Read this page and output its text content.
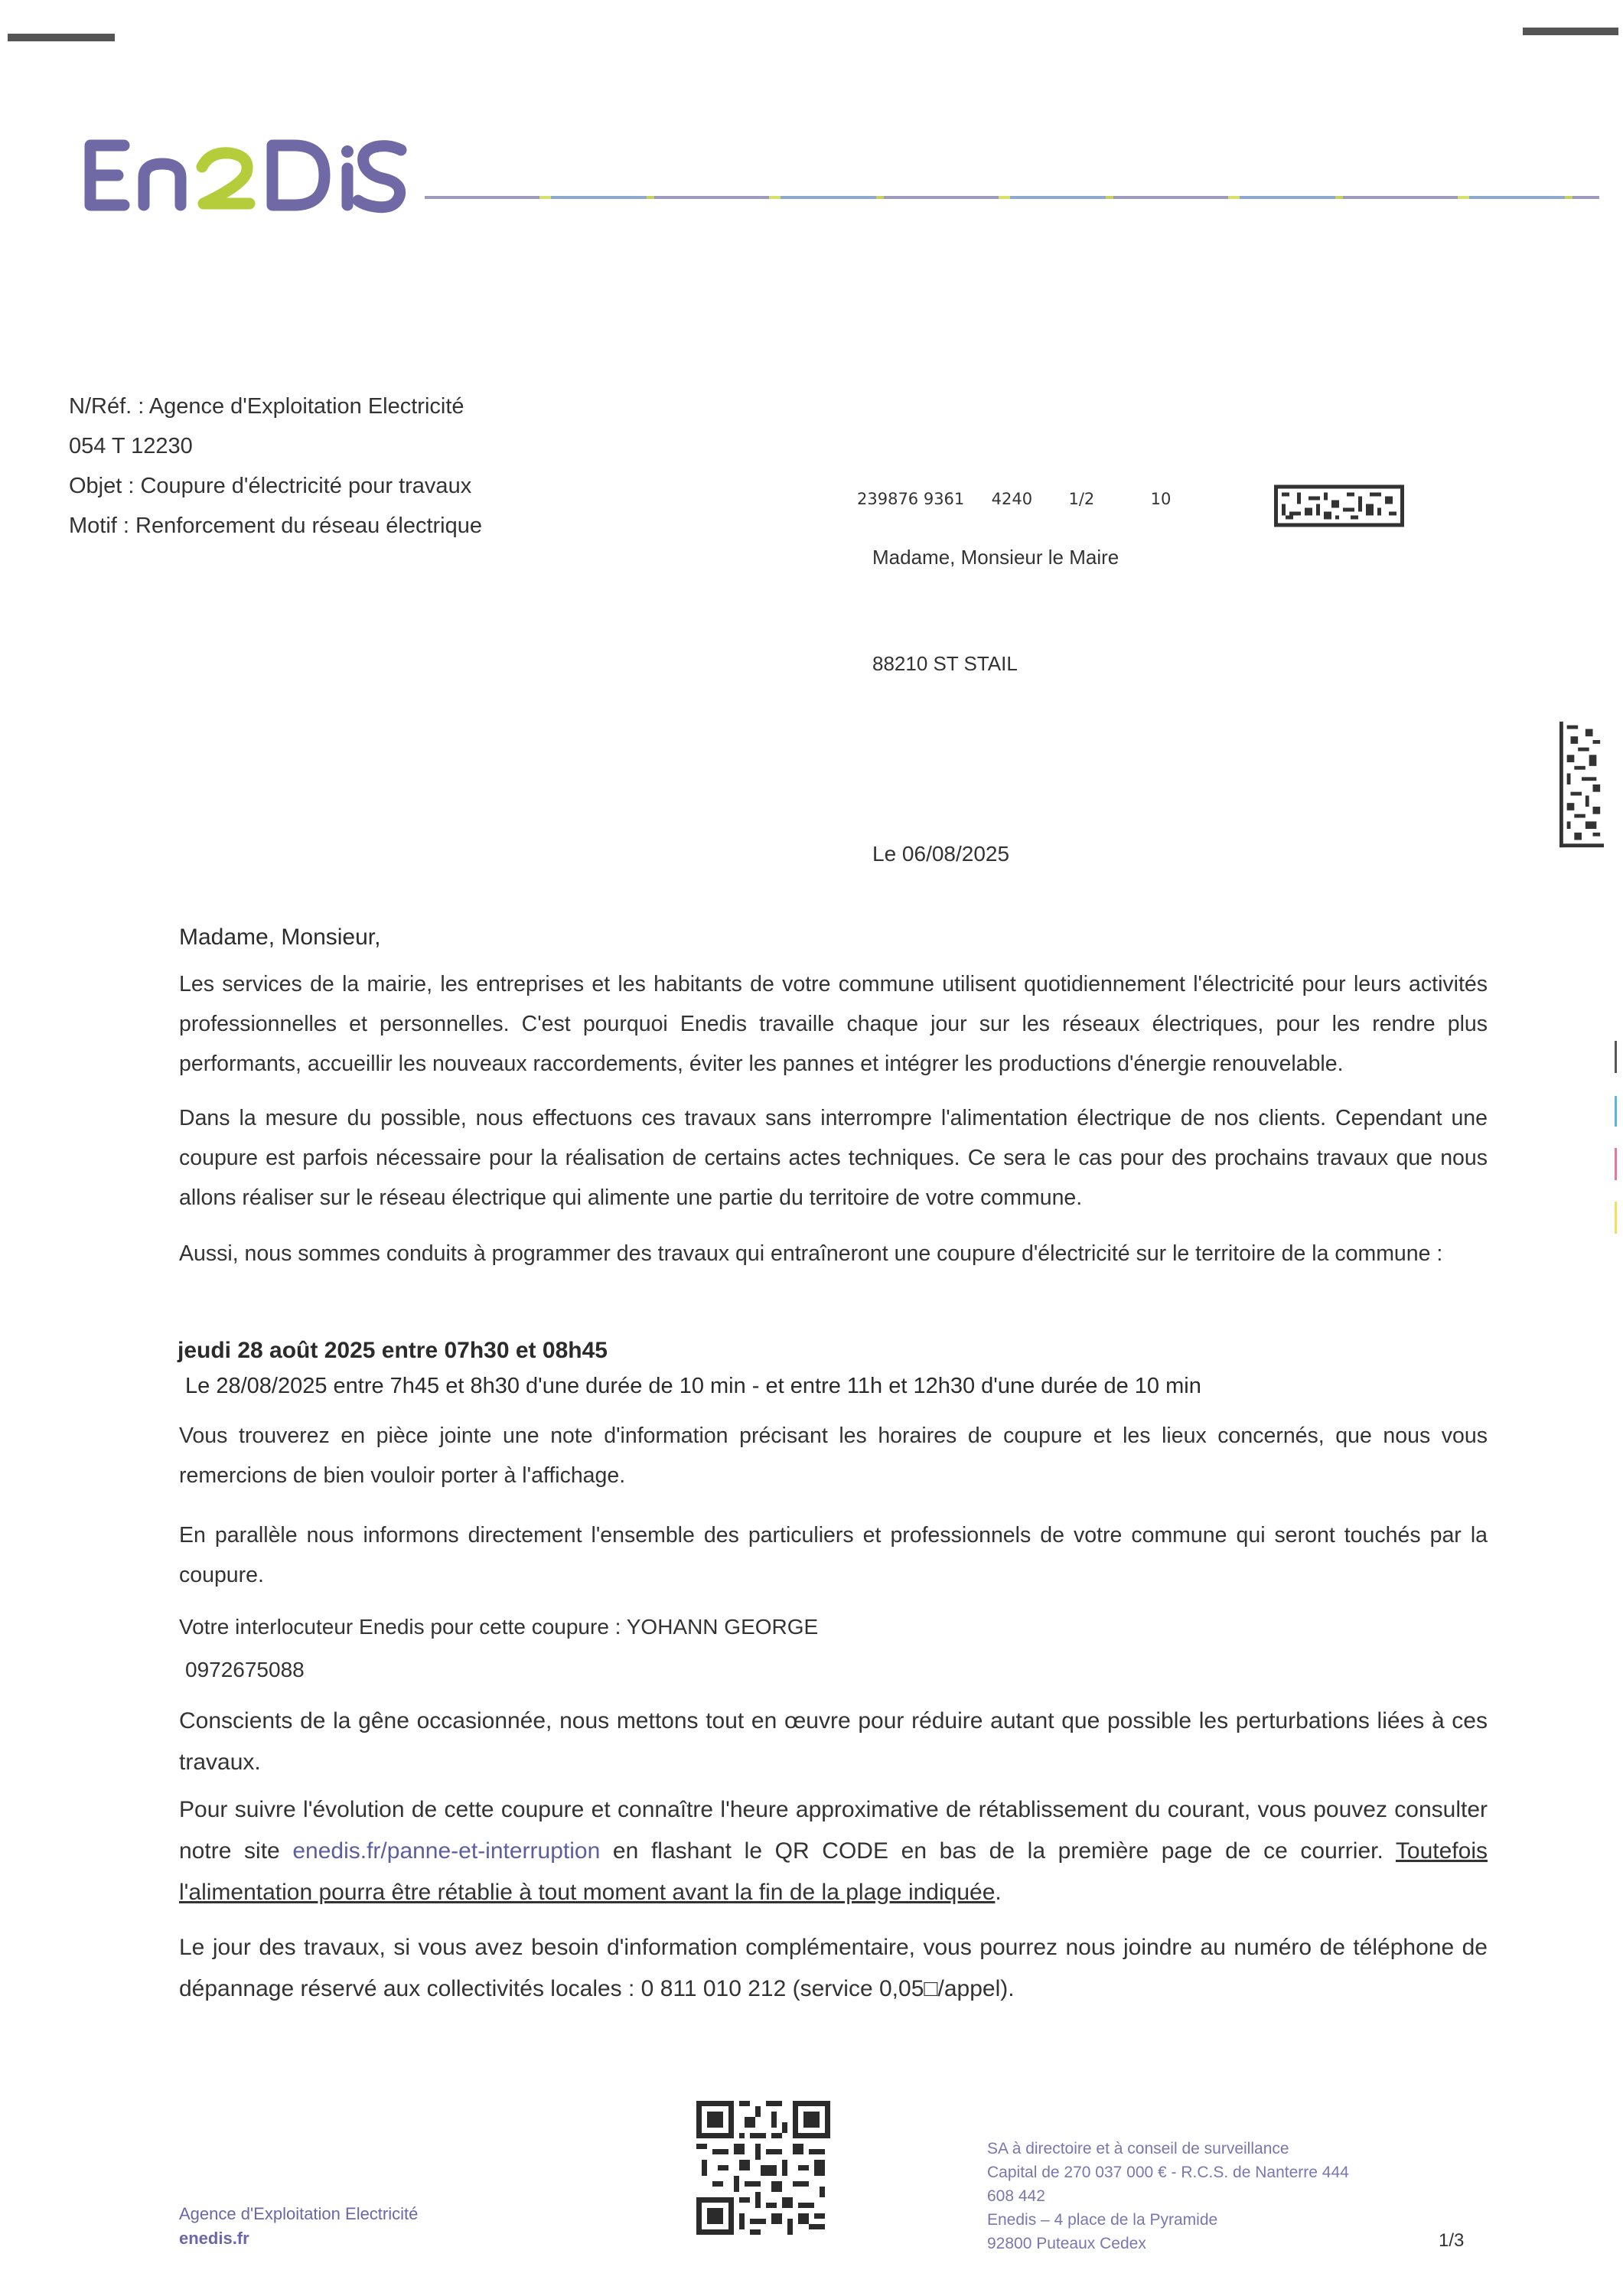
N/Réf. : Agence d'Exploitation Electricité
054 T 12230
Objet : Coupure d'électricité pour travaux
Motif : Renforcement du réseau électrique
239876 9361 4240 1/2	10
Madame, Monsieur le Maire
88210 ST STAIL
Le 06/08/2025
Madame, Monsieur,
Les services de la mairie, les entreprises et les habitants de votre commune utilisent quotidiennement l'électricité pour leurs activités professionnelles et personnelles. C'est pourquoi Enedis travaille chaque jour sur les réseaux électriques, pour les rendre plus performants, accueillir les nouveaux raccordements, éviter les pannes et intégrer les productions d'énergie renouvelable.
Dans la mesure du possible, nous effectuons ces travaux sans interrompre l'alimentation électrique de nos clients. Cependant une coupure est parfois nécessaire pour la réalisation de certains actes techniques. Ce sera le cas pour des prochains travaux que nous allons réaliser sur le réseau électrique qui alimente une partie du territoire de votre commune.
Aussi, nous sommes conduits à programmer des travaux qui entraîneront une coupure d'électricité sur le territoire de la commune :
jeudi 28 août 2025 entre 07h30 et 08h45
Le 28/08/2025 entre 7h45 et 8h30 d'une durée de 10 min - et entre 11h et 12h30 d'une durée de 10 min
Vous trouverez en pièce jointe une note d'information précisant les horaires de coupure et les lieux concernés, que nous vous remercions de bien vouloir porter à l'affichage.
En parallèle nous informons directement l'ensemble des particuliers et professionnels de votre commune qui seront touchés par la coupure.
Votre interlocuteur Enedis pour cette coupure : YOHANN GEORGE
0972675088
Conscients de la gêne occasionnée, nous mettons tout en œuvre pour réduire autant que possible les perturbations liées à ces travaux.
Pour suivre l'évolution de cette coupure et connaître l'heure approximative de rétablissement du courant, vous pouvez consulter notre site enedis.fr/panne-et-interruption en flashant le QR CODE en bas de la première page de ce courrier. Toutefois l'alimentation pourra être rétablie à tout moment avant la fin de la plage indiquée.
Le jour des travaux, si vous avez besoin d'information complémentaire, vous pourrez nous joindre au numéro de téléphone de dépannage réservé aux collectivités locales : 0 811 010 212 (service 0,05□/appel).
Agence d'Exploitation Electricité
enedis.fr
SA à directoire et à conseil de surveillance
Capital de 270 037 000 € - R.C.S. de Nanterre 444
608 442
Enedis – 4 place de la Pyramide
92800 Puteaux Cedex	1/3
